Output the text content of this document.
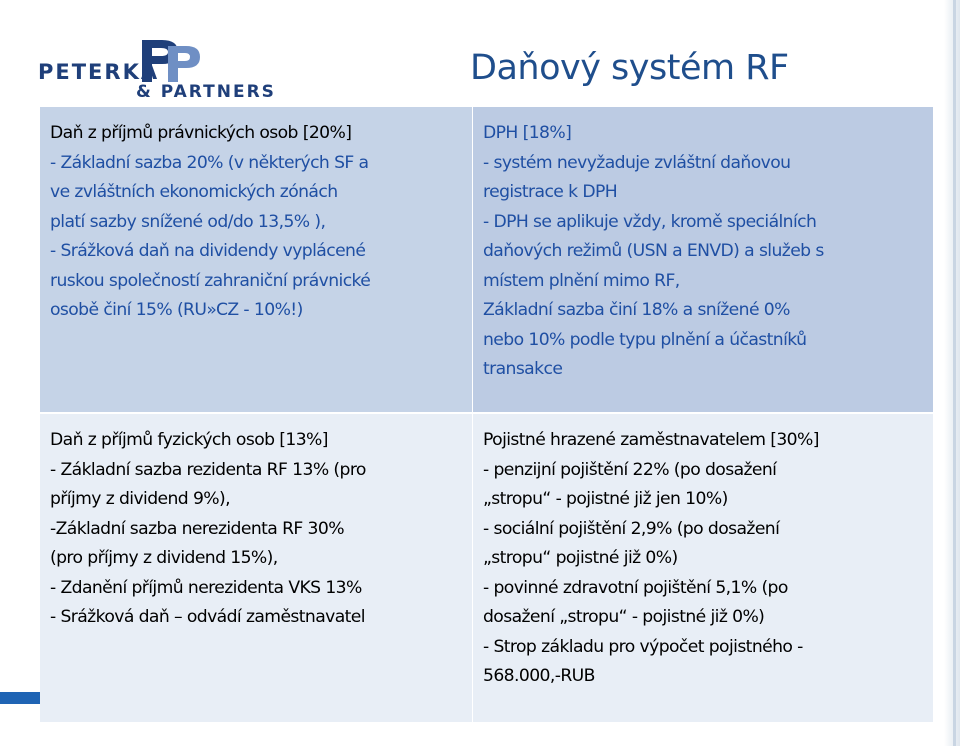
PETERKA
& PARTNERS
Daňový systém RF
Daň z příjmů právnických osob [20%]
- Základní sazba 20% (v některých SF a
ve zvláštních ekonomických zónách
platí sazby snížené od/do 13,5% ),
- Srážková daň na dividendy vyplácené
ruskou společností zahraniční právnické
osobě činí 15% (RU»CZ - 10%!)
DPH [18%]
- systém nevyžaduje zvláštní daňovou
registrace k DPH
- DPH se aplikuje vždy, kromě speciálních
daňových režimů (USN a ENVD) a služeb s
místem plnění mimo RF,
Základní sazba činí 18% a snížené 0%
nebo 10% podle typu plnění a účastníků
transakce
Daň z příjmů fyzických osob [13%]
- Základní sazba rezidenta RF 13% (pro
příjmy z dividend 9%),
-Základní sazba nerezidenta RF 30%
(pro příjmy z dividend 15%),
- Zdanění příjmů nerezidenta VKS 13%
- Srážková daň – odvádí zaměstnavatel
Pojistné hrazené zaměstnavatelem [30%]
- penzijní pojištění 22% (po dosažení
„stropu“ - pojistné již jen 10%)
- sociální pojištění 2,9% (po dosažení
„stropu“ pojistné již 0%)
- povinné zdravotní pojištění 5,1% (po
dosažení „stropu“ - pojistné již 0%)
- Strop základu pro výpočet pojistného -
568.000,-RUB
